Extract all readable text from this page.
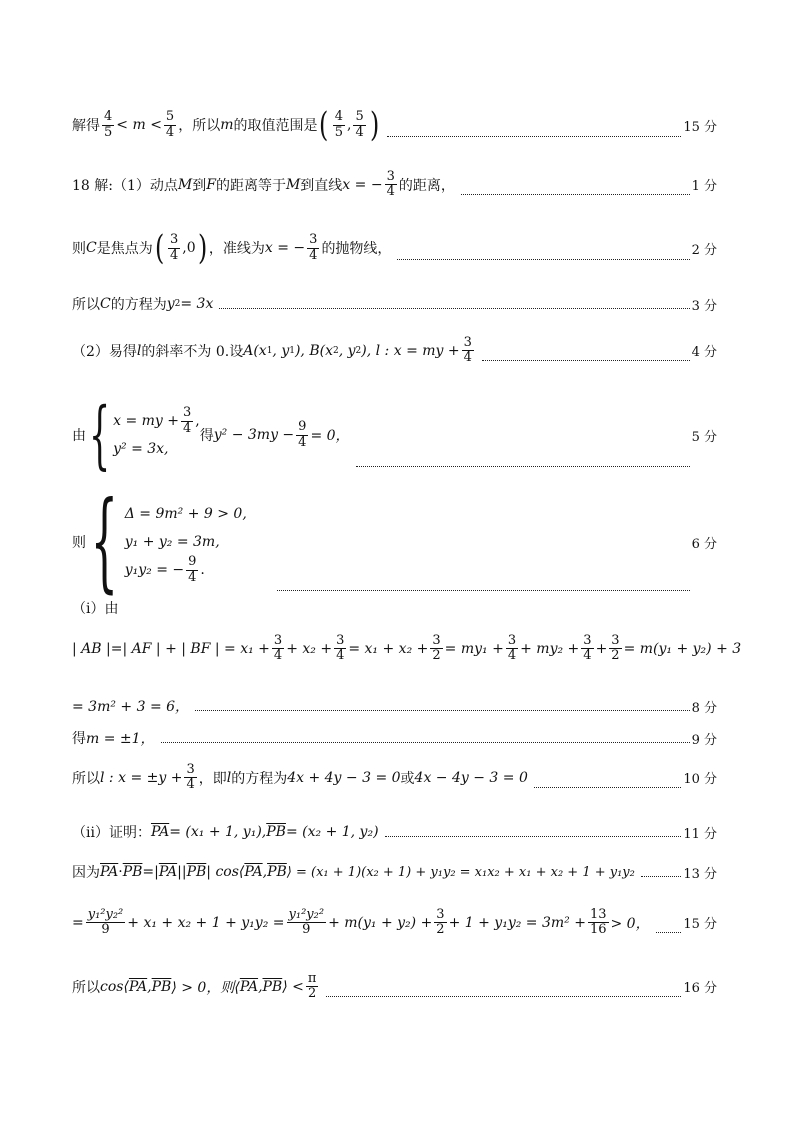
解得 $\frac{4}{5} < m < \frac{5}{4}$ ，所以 m 的取值范围是 ( $\frac{4}{5}$ , $\frac{5}{4}$ )	15 分
18 解:（1）动点 M 到 F 的距离等于 M 到直线 x = − $\frac{3}{4}$ 的距离，	1 分
则 C 是焦点为 ( $\frac{3}{4} ,0$ ) ，准线为 x = − $\frac{3}{4}$ 的抛物线，	2 分
所以 C 的方程为 y 2 = 3x	3 分
（2）易得 l 的斜率不为 0.设 A(x 1 , y 1 ), B(x 2 , y 2 ), l : x = my + $\frac{3}{4}$	4 分
由 { x = my + $\frac{3}{4}$ ,
y² = 3x,
得 $y^2 - 3my - \frac{9}{4} = 0$，	5 分
则 { Δ = 9m² + 9 > 0,
y₁ + y₂ = 3m,
y₁y₂ = − $\frac{9}{4}$ .
6 分
（i）由
| AB |=| AF | + | BF | = $x_1 + \frac{3}{4} + x_2 + \frac{3}{4} = x_1 + x_2 + \frac{3}{2} = my_1 + \frac{3}{4} + my_2 + \frac{3}{4} + \frac{3}{2} = m(y_1 + y_2) + 3$
= 3m² + 3 = 6，	8 分
得 m = ±1，	9 分
所以 l : $x = \pm y + \frac{3}{4}$ ，即 l 的方程为 4x + 4y − 3 = 0 或 4x − 4y − 3 = 0	10 分
（ii）证明： $\overline{PA} = (x_1 + 1$, y₁), $\overline{PB} = (x_2 + 1$, y₂)	11 分
因为 $\overline{PA} \cdot \overline{PB}$ =| $\overline{PA}$ || $\overline{PB}$ | cos⟨ $\overline{PA}$ , $\overline{PB}$ ⟩ = (x₁ + 1)(x₂ + 1) + y₁y₂ = x₁x₂ + x₁ + x₂ + 1 + y₁y₂	13 分
= $\frac{\text{y₁²y₂²}}{9} + x_1 + x_2 + 1 + y_1y_2 = \frac{\text{y₁²y₂²}}{9} + m(y_1 + y_2) + \frac{3}{2} + 1 + y_1y_2 = 3m^2 + \frac{13}{16} > 0$，	15 分
所以 cos⟨ $\overline{PA}$ , $\overline{PB}$ ⟩ > 0，则⟨ $\overline{PA}$ , $\overline{PB}$ ⟩ < $\frac{\pi}{2}$	16 分
